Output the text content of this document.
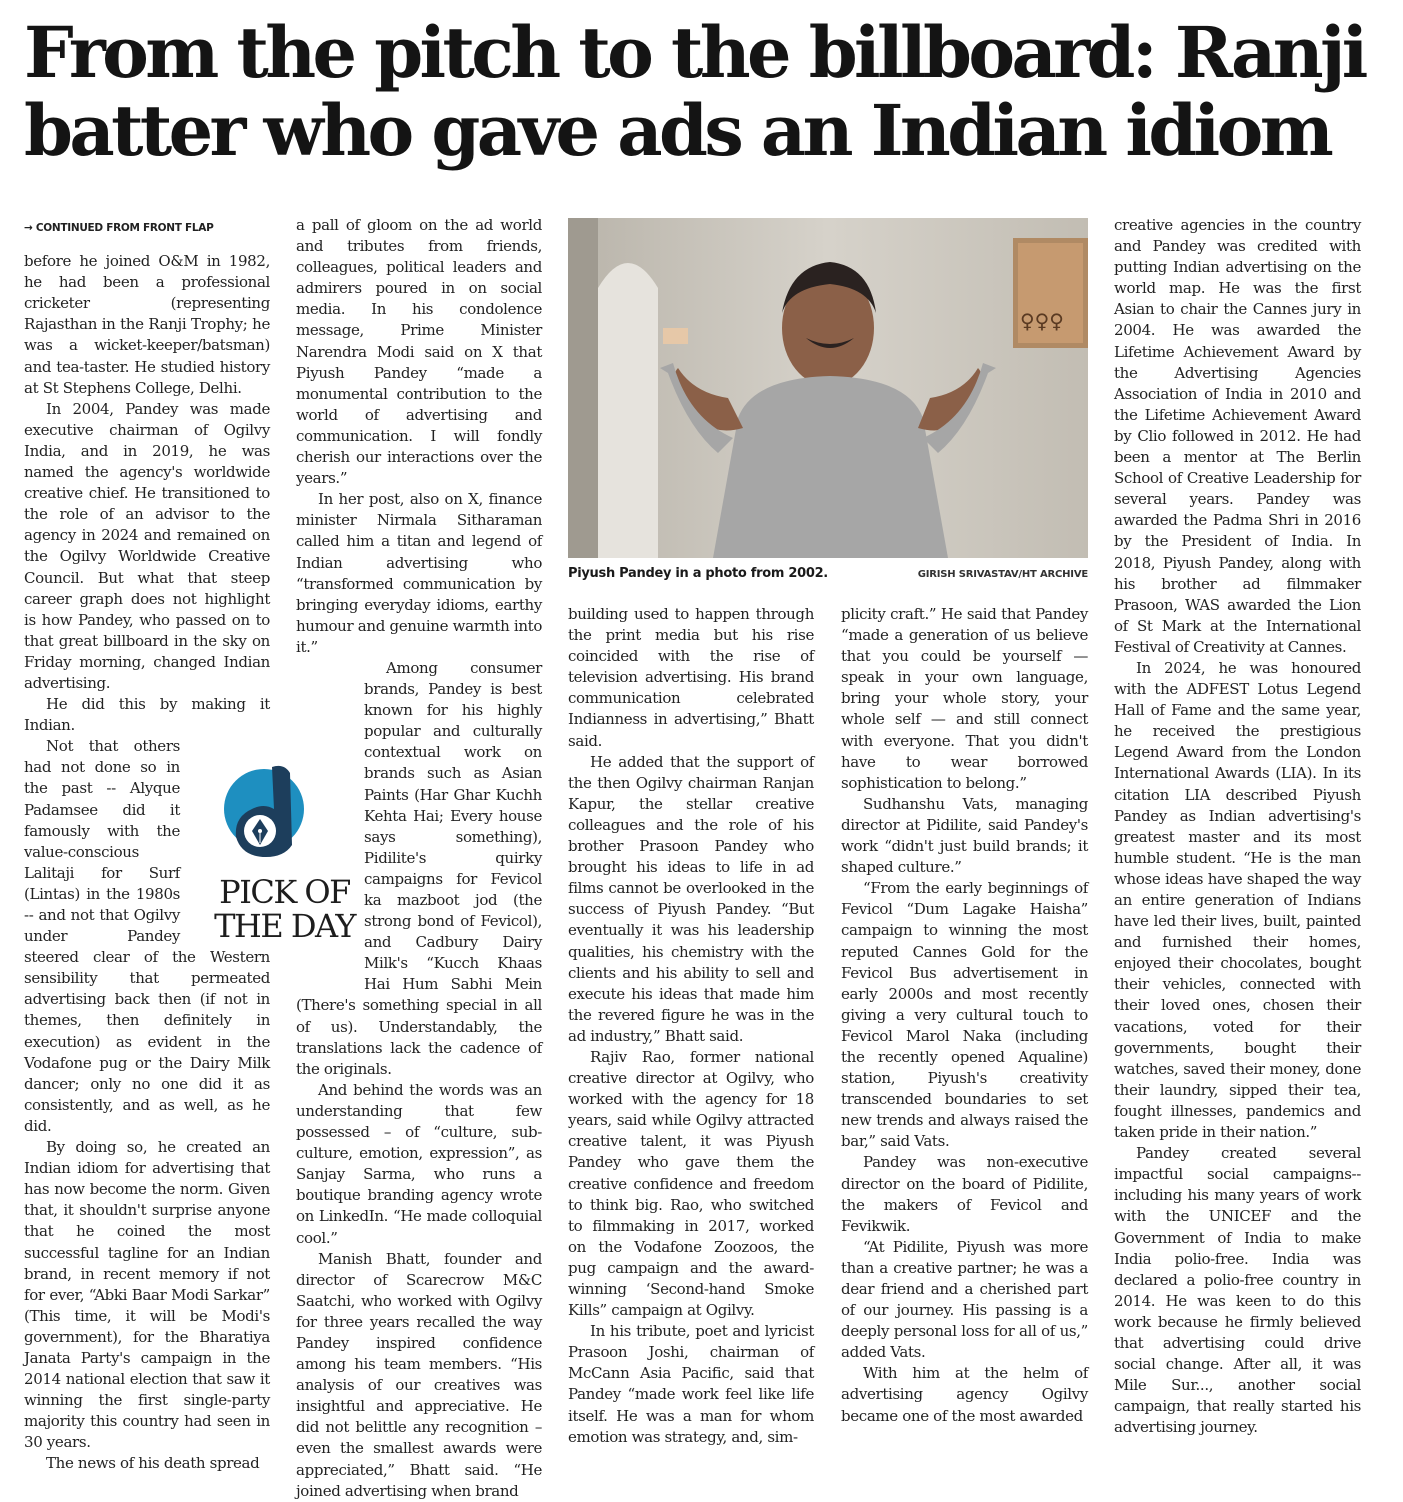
From the pitch to the billboard: Ranji
batter who gave ads an Indian idiom
→ CONTINUED FROM FRONT FLAP

before he joined O&M in 1982, he had been a professional cricketer (representing Rajasthan in the Ranji Trophy; he was a wicket-keeper/batsman) and tea-taster. He studied history at St Stephens College, Delhi.

In 2004, Pandey was made executive chairman of Ogilvy India, and in 2019, he was named the agency's worldwide creative chief. He transitioned to the role of an advisor to the agency in 2024 and remained on the Ogilvy Worldwide Creative Council. But what that steep career graph does not highlight is how Pandey, who passed on to that great billboard in the sky on Friday morning, changed Indian advertising.

He did this by making it Indian.

Not that others had not done so in the past -- Alyque Padamsee did it famously with the value-conscious Lalitaji for Surf (Lintas) in the 1980s -- and not that Ogilvy under Pandey steered clear of the Western sensibility that permeated advertising back then (if not in themes, then definitely in execution) as evident in the Vodafone pug or the Dairy Milk dancer; only no one did it as consistently, and as well, as he did.

By doing so, he created an Indian idiom for advertising that has now become the norm. Given that, it shouldn't surprise anyone that he coined the most successful tagline for an Indian brand, in recent memory if not for ever, “Abki Baar Modi Sarkar” (This time, it will be Modi's government), for the Bharatiya Janata Party's campaign in the 2014 national election that saw it winning the first single-party majority this country had seen in 30 years.

The news of his death spread

PICK OF
THE DAY

a pall of gloom on the ad world and tributes from friends, colleagues, political leaders and admirers poured in on social media. In his condolence message, Prime Minister Narendra Modi said on X that Piyush Pandey “made a monumental contribution to the world of advertising and communication. I will fondly cherish our interactions over the years.”

In her post, also on X, finance minister Nirmala Sitharaman called him a titan and legend of Indian advertising who “transformed communication by bringing everyday idioms, earthy humour and genuine warmth into it.”

Among consumer brands, Pandey is best known for his highly popular and culturally contextual work on brands such as Asian Paints (Har Ghar Kuchh Kehta Hai; Every house says something), Pidilite's quirky campaigns for Fevicol ka mazboot jod (the strong bond of Fevicol), and Cadbury Dairy Milk's “Kucch Khaas Hai Hum Sabhi Mein (There's something special in all of us). Understandably, the translations lack the cadence of the originals.

And behind the words was an understanding that few possessed – of “culture, sub-culture, emotion, expression”, as Sanjay Sarma, who runs a boutique branding agency wrote on LinkedIn. “He made colloquial cool.”

Manish Bhatt, founder and director of Scarecrow M&C Saatchi, who worked with Ogilvy for three years recalled the way Pandey inspired confidence among his team members. “His analysis of our creatives was insightful and appreciative. He did not belittle any recognition – even the smallest awards were appreciated,” Bhatt said. “He joined advertising when brand

♀♀♀
Piyush Pandey in a photo from 2002.	GIRISH SRIVASTAV/HT ARCHIVE

building used to happen through the print media but his rise coincided with the rise of television advertising. His brand communication celebrated Indianness in advertising,” Bhatt said.

He added that the support of the then Ogilvy chairman Ranjan Kapur, the stellar creative colleagues and the role of his brother Prasoon Pandey who brought his ideas to life in ad films cannot be overlooked in the success of Piyush Pandey. “But eventually it was his leadership qualities, his chemistry with the clients and his ability to sell and execute his ideas that made him the revered figure he was in the ad industry,” Bhatt said.

Rajiv Rao, former national creative director at Ogilvy, who worked with the agency for 18 years, said while Ogilvy attracted creative talent, it was Piyush Pandey who gave them the creative confidence and freedom to think big. Rao, who switched to filmmaking in 2017, worked on the Vodafone Zoozoos, the pug campaign and the award-winning ‘Second-hand Smoke Kills” campaign at Ogilvy.

In his tribute, poet and lyricist Prasoon Joshi, chairman of McCann Asia Pacific, said that Pandey “made work feel like life itself. He was a man for whom emotion was strategy, and, sim-

plicity craft.” He said that Pandey “made a generation of us believe that you could be yourself — speak in your own language, bring your whole story, your whole self — and still connect with everyone. That you didn't have to wear borrowed sophistication to belong.”

Sudhanshu Vats, managing director at Pidilite, said Pandey's work “didn't just build brands; it shaped culture.”

“From the early beginnings of Fevicol “Dum Lagake Haisha” campaign to winning the most reputed Cannes Gold for the Fevicol Bus advertisement in early 2000s and most recently giving a very cultural touch to Fevicol Marol Naka (including the recently opened Aqualine) station, Piyush's creativity transcended boundaries to set new trends and always raised the bar,” said Vats.

Pandey was non-executive director on the board of Pidilite, the makers of Fevicol and Fevikwik.

“At Pidilite, Piyush was more than a creative partner; he was a dear friend and a cherished part of our journey. His passing is a deeply personal loss for all of us,” added Vats.

With him at the helm of advertising agency Ogilvy became one of the most awarded

creative agencies in the country and Pandey was credited with putting Indian advertising on the world map. He was the first Asian to chair the Cannes jury in 2004. He was awarded the Lifetime Achievement Award by the Advertising Agencies Association of India in 2010 and the Lifetime Achievement Award by Clio followed in 2012. He had been a mentor at The Berlin School of Creative Leadership for several years. Pandey was awarded the Padma Shri in 2016 by the President of India. In 2018, Piyush Pandey, along with his brother ad filmmaker Prasoon, WAS awarded the Lion of St Mark at the International Festival of Creativity at Cannes.

In 2024, he was honoured with the ADFEST Lotus Legend Hall of Fame and the same year, he received the prestigious Legend Award from the London International Awards (LIA). In its citation LIA described Piyush Pandey as Indian advertising's greatest master and its most humble student. “He is the man whose ideas have shaped the way an entire generation of Indians have led their lives, built, painted and furnished their homes, enjoyed their chocolates, bought their vehicles, connected with their loved ones, chosen their vacations, voted for their governments, bought their watches, saved their money, done their laundry, sipped their tea, fought illnesses, pandemics and taken pride in their nation.”

Pandey created several impactful social campaigns-- including his many years of work with the UNICEF and the Government of India to make India polio-free. India was declared a polio-free country in 2014. He was keen to do this work because he firmly believed that advertising could drive social change. After all, it was Mile Sur..., another social campaign, that really started his advertising journey.
